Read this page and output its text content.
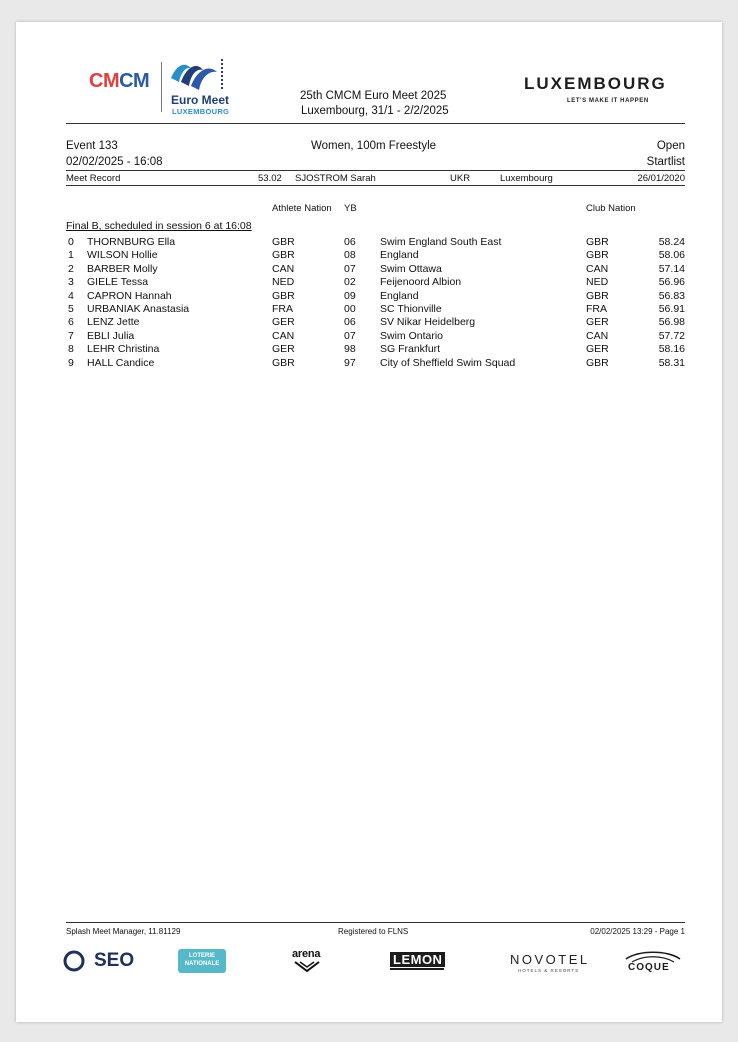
CMCM
Euro Meet
LUXEMBOURG
25th CMCM Euro Meet 2025
Luxembourg, 31/1 - 2/2/2025
LUXEMBOURG
LET'S MAKE IT HAPPEN
Event 133	Women, 100m Freestyle	Open
02/02/2025 - 16:08	Startlist
Meet Record	53.02 SJOSTROM Sarah	UKR	Luxembourg	26/01/2020
Athlete Nation YB	Club Nation
Final B, scheduled in session 6 at 16:08
0 THORNBURG Ella	GBR	06 Swim England South East	GBR	58.24
1 WILSON Hollie	GBR	08 England	GBR	58.06
2 BARBER Molly	CAN	07 Swim Ottawa	CAN	57.14
3 GIELE Tessa	NED	02 Feijenoord Albion	NED	56.96
4 CAPRON Hannah	GBR	09 England	GBR	56.83
5 URBANIAK Anastasia	FRA	00 SC Thionville	FRA	56.91
6 LENZ Jette	GER	06 SV Nikar Heidelberg	GER	56.98
7 EBLI Julia	CAN	07 Swim Ontario	CAN	57.72
8 LEHR Christina	GER	98 SG Frankfurt	GER	58.16
9 HALL Candice	GBR	97 City of Sheffield Swim Squad	GBR	58.31
Splash Meet Manager, 11.81129	Registered to FLNS	02/02/2025 13:29 - Page 1
SEO	LOTERIE NATIONALE
arena	LEMON	NOVOTEL
HOTELS & RESORTS	COQUE
